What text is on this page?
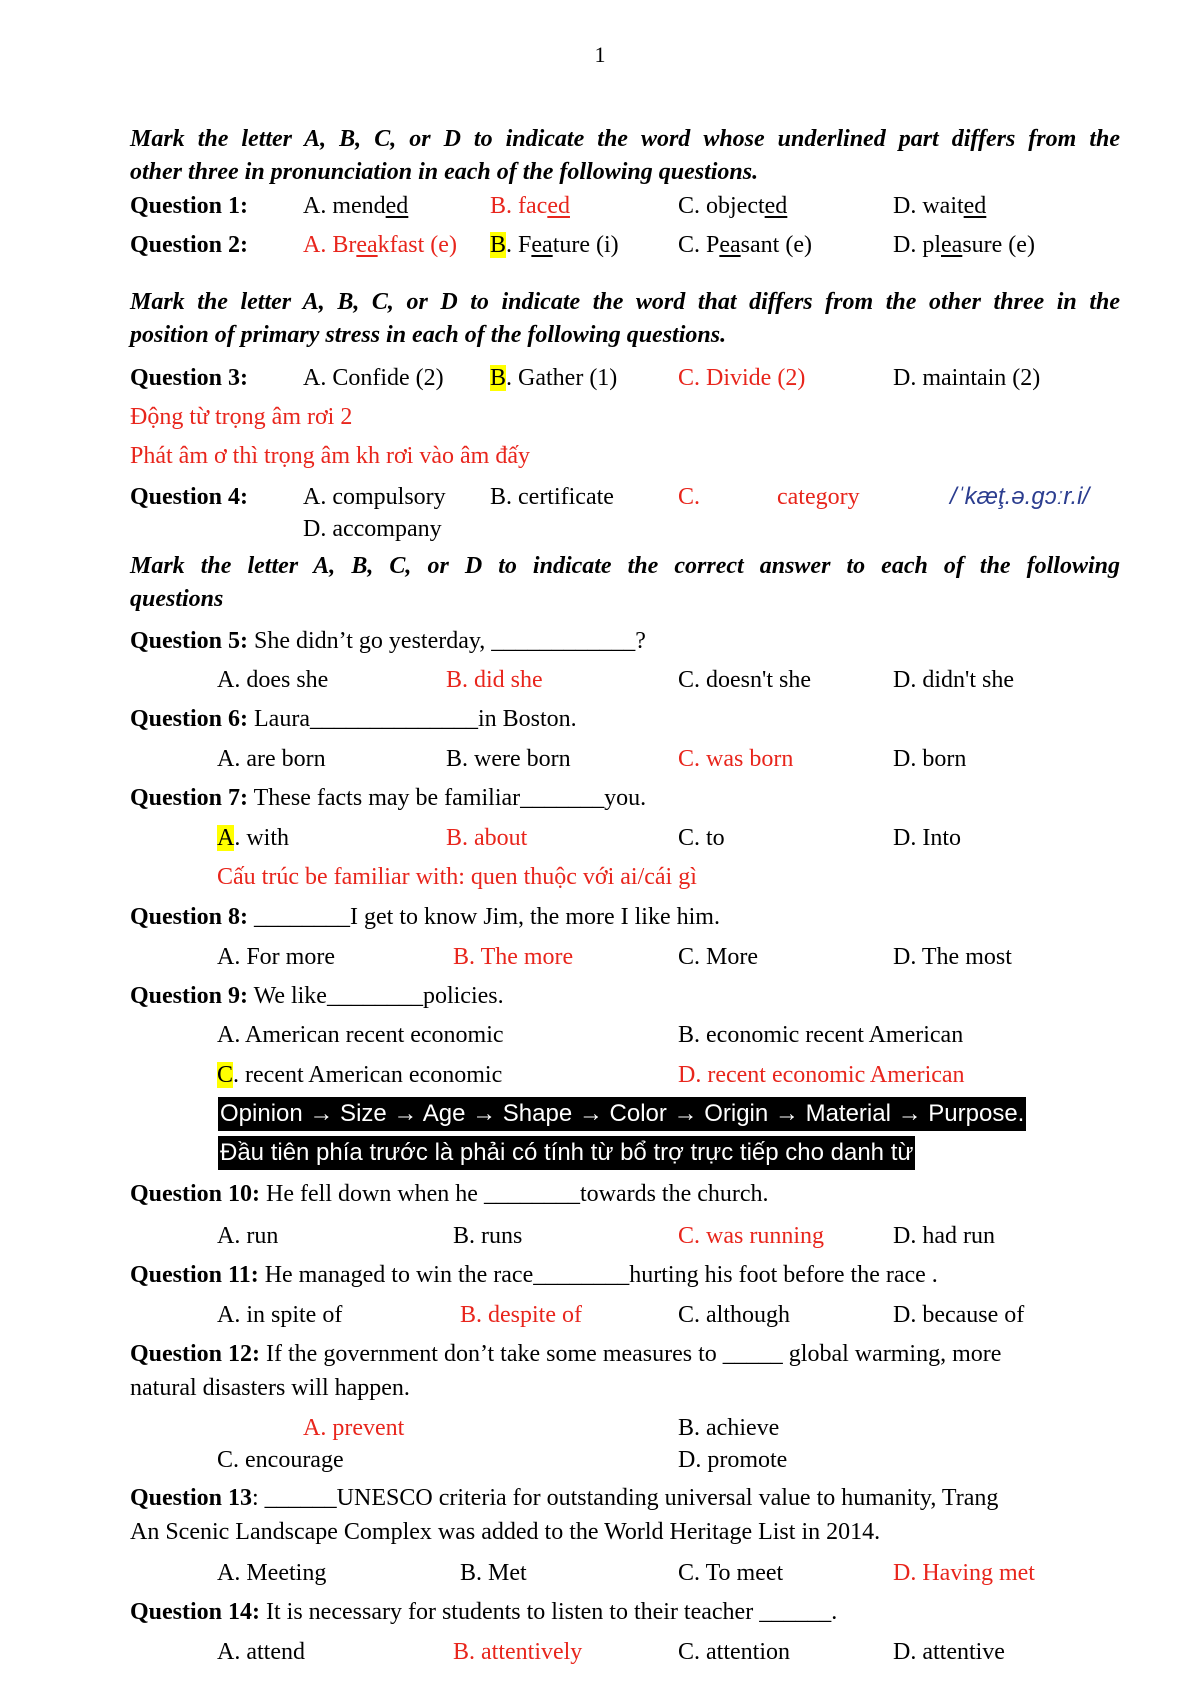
1
Mark the letter A, B, C, or D to indicate the word whose underlined part differs from the
other three in pronunciation in each of the following questions.
Question 1: A. mended	B. faced	C. objected	D. waited
Question 2: A. Breakfast (e) B. Feature (i) C. Peasant (e)	D. pleasure (e)
Mark the letter A, B, C, or D to indicate the word that differs from the other three in the
position of primary stress in each of the following questions.
Question 3: A. Confide (2) B. Gather (1)	C. Divide (2)	D. maintain (2)
Động từ trọng âm rơi 2
Phát âm ơ thì trọng âm kh rơi vào âm đấy
Question 4: A. compulsory B. certificate	C.	category	/ˈkæţ.ə.gɔːr.i/
D. accompany
Mark the letter A, B, C, or D to indicate the correct answer to each of the following
questions
Question 5: She didn’t go yesterday, ____________?
A. does she	B. did she	C. doesn't she	D. didn't she
Question 6: Laura______________in Boston.
A. are born	B. were born	C. was born	D. born
Question 7: These facts may be familiar_______you.
A. with	B. about	C. to	D. Into
Cấu trúc be familiar with: quen thuộc với ai/cái gì
Question 8: ________I get to know Jim, the more I like him.
A. For more	B. The more	C. More	D. The most
Question 9: We like________policies.
A. American recent economic	B. economic recent American
C. recent American economic	D. recent economic American
Opinion → Size → Age → Shape → Color → Origin → Material → Purpose.
Đầu tiên phía trước là phải có tính từ bổ trợ trực tiếp cho danh từ
Question 10: He fell down when he ________towards the church.
A. run	B. runs	C. was running	D. had run
Question 11: He managed to win the race________hurting his foot before the race .
A. in spite of	B. despite of	C. although	D. because of
Question 12: If the government don’t take some measures to _____ global warming, more
natural disasters will happen.
A. prevent	B. achieve
C. encourage	D. promote
Question 13: ______UNESCO criteria for outstanding universal value to humanity, Trang
An Scenic Landscape Complex was added to the World Heritage List in 2014.
A. Meeting	B. Met	C. To meet	D. Having met
Question 14: It is necessary for students to listen to their teacher ______.
A. attend	B. attentively	C. attention	D. attentive
